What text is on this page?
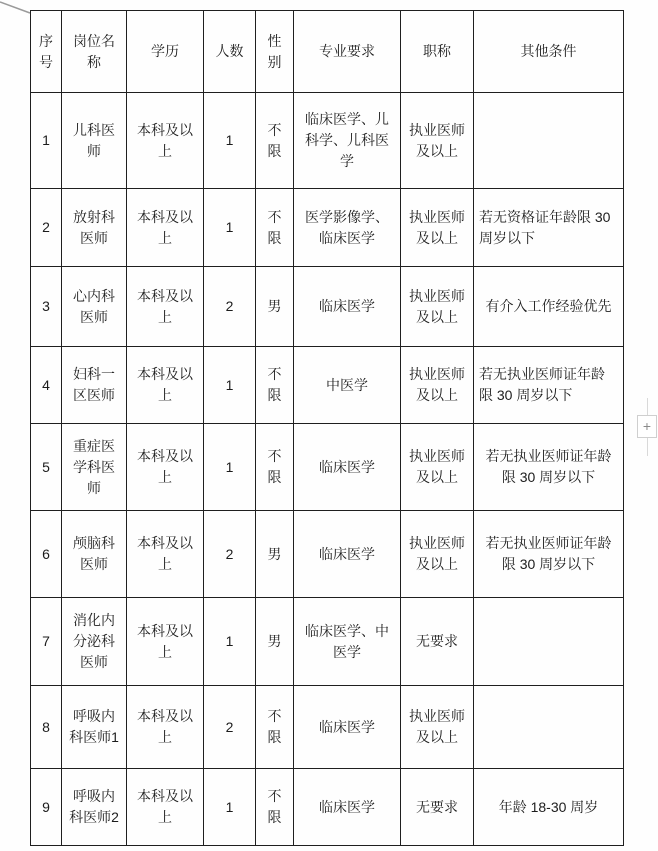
序号	岗位名称	学历	人数	性别	专业要求	职称	其他条件
1	儿科医师	本科及以上	1	不限	临床医学、儿科学、儿科医学	执业医师及以上	
2	放射科医师	本科及以上	1	不限	医学影像学、临床医学	执业医师及以上	若无资格证年龄限 30 周岁以下
3	心内科医师	本科及以上	2	男	临床医学	执业医师及以上	有介入工作经验优先
4	妇科一区医师	本科及以上	1	不限	中医学	执业医师及以上	若无执业医师证年龄限 30 周岁以下
5	重症医学科医师	本科及以上	1	不限	临床医学	执业医师及以上	若无执业医师证年龄限 30 周岁以下
6	颅脑科医师	本科及以上	2	男	临床医学	执业医师及以上	若无执业医师证年龄限 30 周岁以下
7	消化内分泌科医师	本科及以上	1	男	临床医学、中医学	无要求	
8	呼吸内科医师1	本科及以上	2	不限	临床医学	执业医师及以上	
9	呼吸内科医师2	本科及以上	1	不限	临床医学	无要求	年龄 18-30 周岁
+
